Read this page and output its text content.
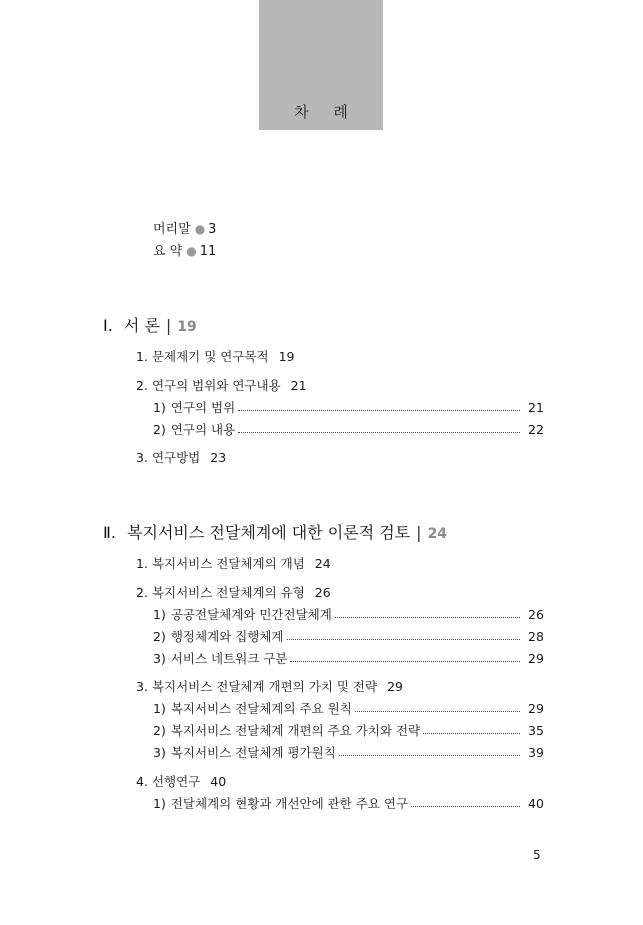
차 례
머리말 ● 3
요 약 ● 11
Ⅰ. 서 론 | 19
1. 문제제기 및 연구목적 19
2. 연구의 범위와 연구내용 21
1) 연구의 범위	21
2) 연구의 내용	22
3. 연구방법 23
Ⅱ. 복지서비스 전달체계에 대한 이론적 검토 | 24
1. 복지서비스 전달체계의 개념 24
2. 복지서비스 전달체계의 유형 26
1) 공공전달체계와 민간전달체계	26
2) 행정체계와 집행체계	28
3) 서비스 네트워크 구분	29
3. 복지서비스 전달체계 개편의 가치 및 전략 29
1) 복지서비스 전달체계의 주요 원칙	29
2) 복지서비스 전달체계 개편의 주요 가치와 전략	35
3) 복지서비스 전달체계 평가원칙	39
4. 선행연구 40
1) 전달체계의 현황과 개선안에 관한 주요 연구	40
5
